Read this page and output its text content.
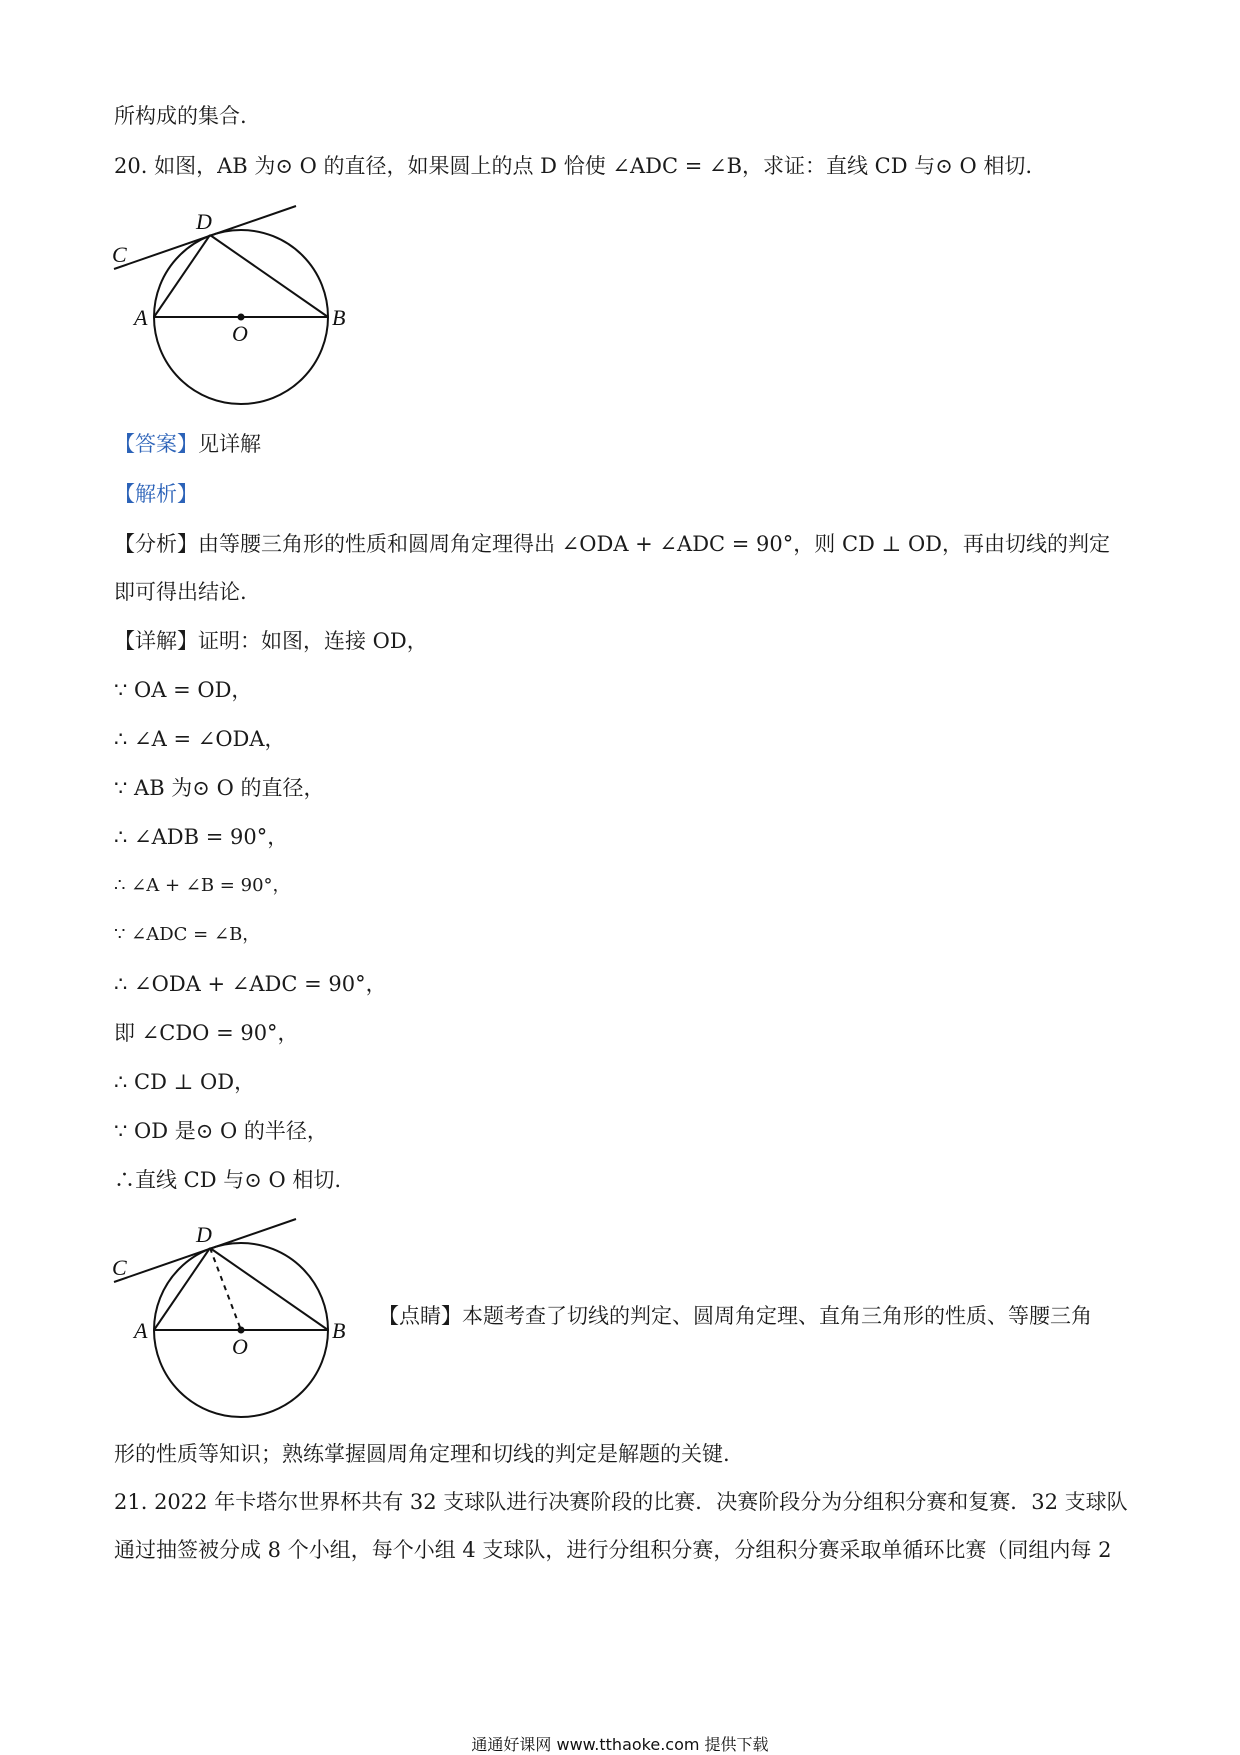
所构成的集合.
20. 如图，AB 为⊙ O 的直径，如果圆上的点 D 恰使 ∠ADC = ∠B，求证：直线 CD 与⊙ O 相切.
C
D
A
O
B
【答案】见详解
【解析】
【分析】由等腰三角形的性质和圆周角定理得出 ∠ODA + ∠ADC = 90°，则 CD ⊥ OD，再由切线的判定
即可得出结论.
【详解】证明：如图，连接 OD，
∵ OA = OD，
∴ ∠A = ∠ODA，
∵ AB 为⊙ O 的直径，
∴ ∠ADB = 90°，
∴ ∠A + ∠B = 90°，
∵ ∠ADC = ∠B，
∴ ∠ODA + ∠ADC = 90°，
即 ∠CDO = 90°，
∴ CD ⊥ OD，
∵ OD 是⊙ O 的半径，
∴直线 CD 与⊙ O 相切.
C
D
A
O
B
【点睛】本题考查了切线的判定、圆周角定理、直角三角形的性质、等腰三角
形的性质等知识；熟练掌握圆周角定理和切线的判定是解题的关键.
21. 2022 年卡塔尔世界杯共有 32 支球队进行决赛阶段的比赛．决赛阶段分为分组积分赛和复赛．32 支球队
通过抽签被分成 8 个小组，每个小组 4 支球队，进行分组积分赛，分组积分赛采取单循环比赛（同组内每 2
通通好课网 www.tthaoke.com 提供下载
